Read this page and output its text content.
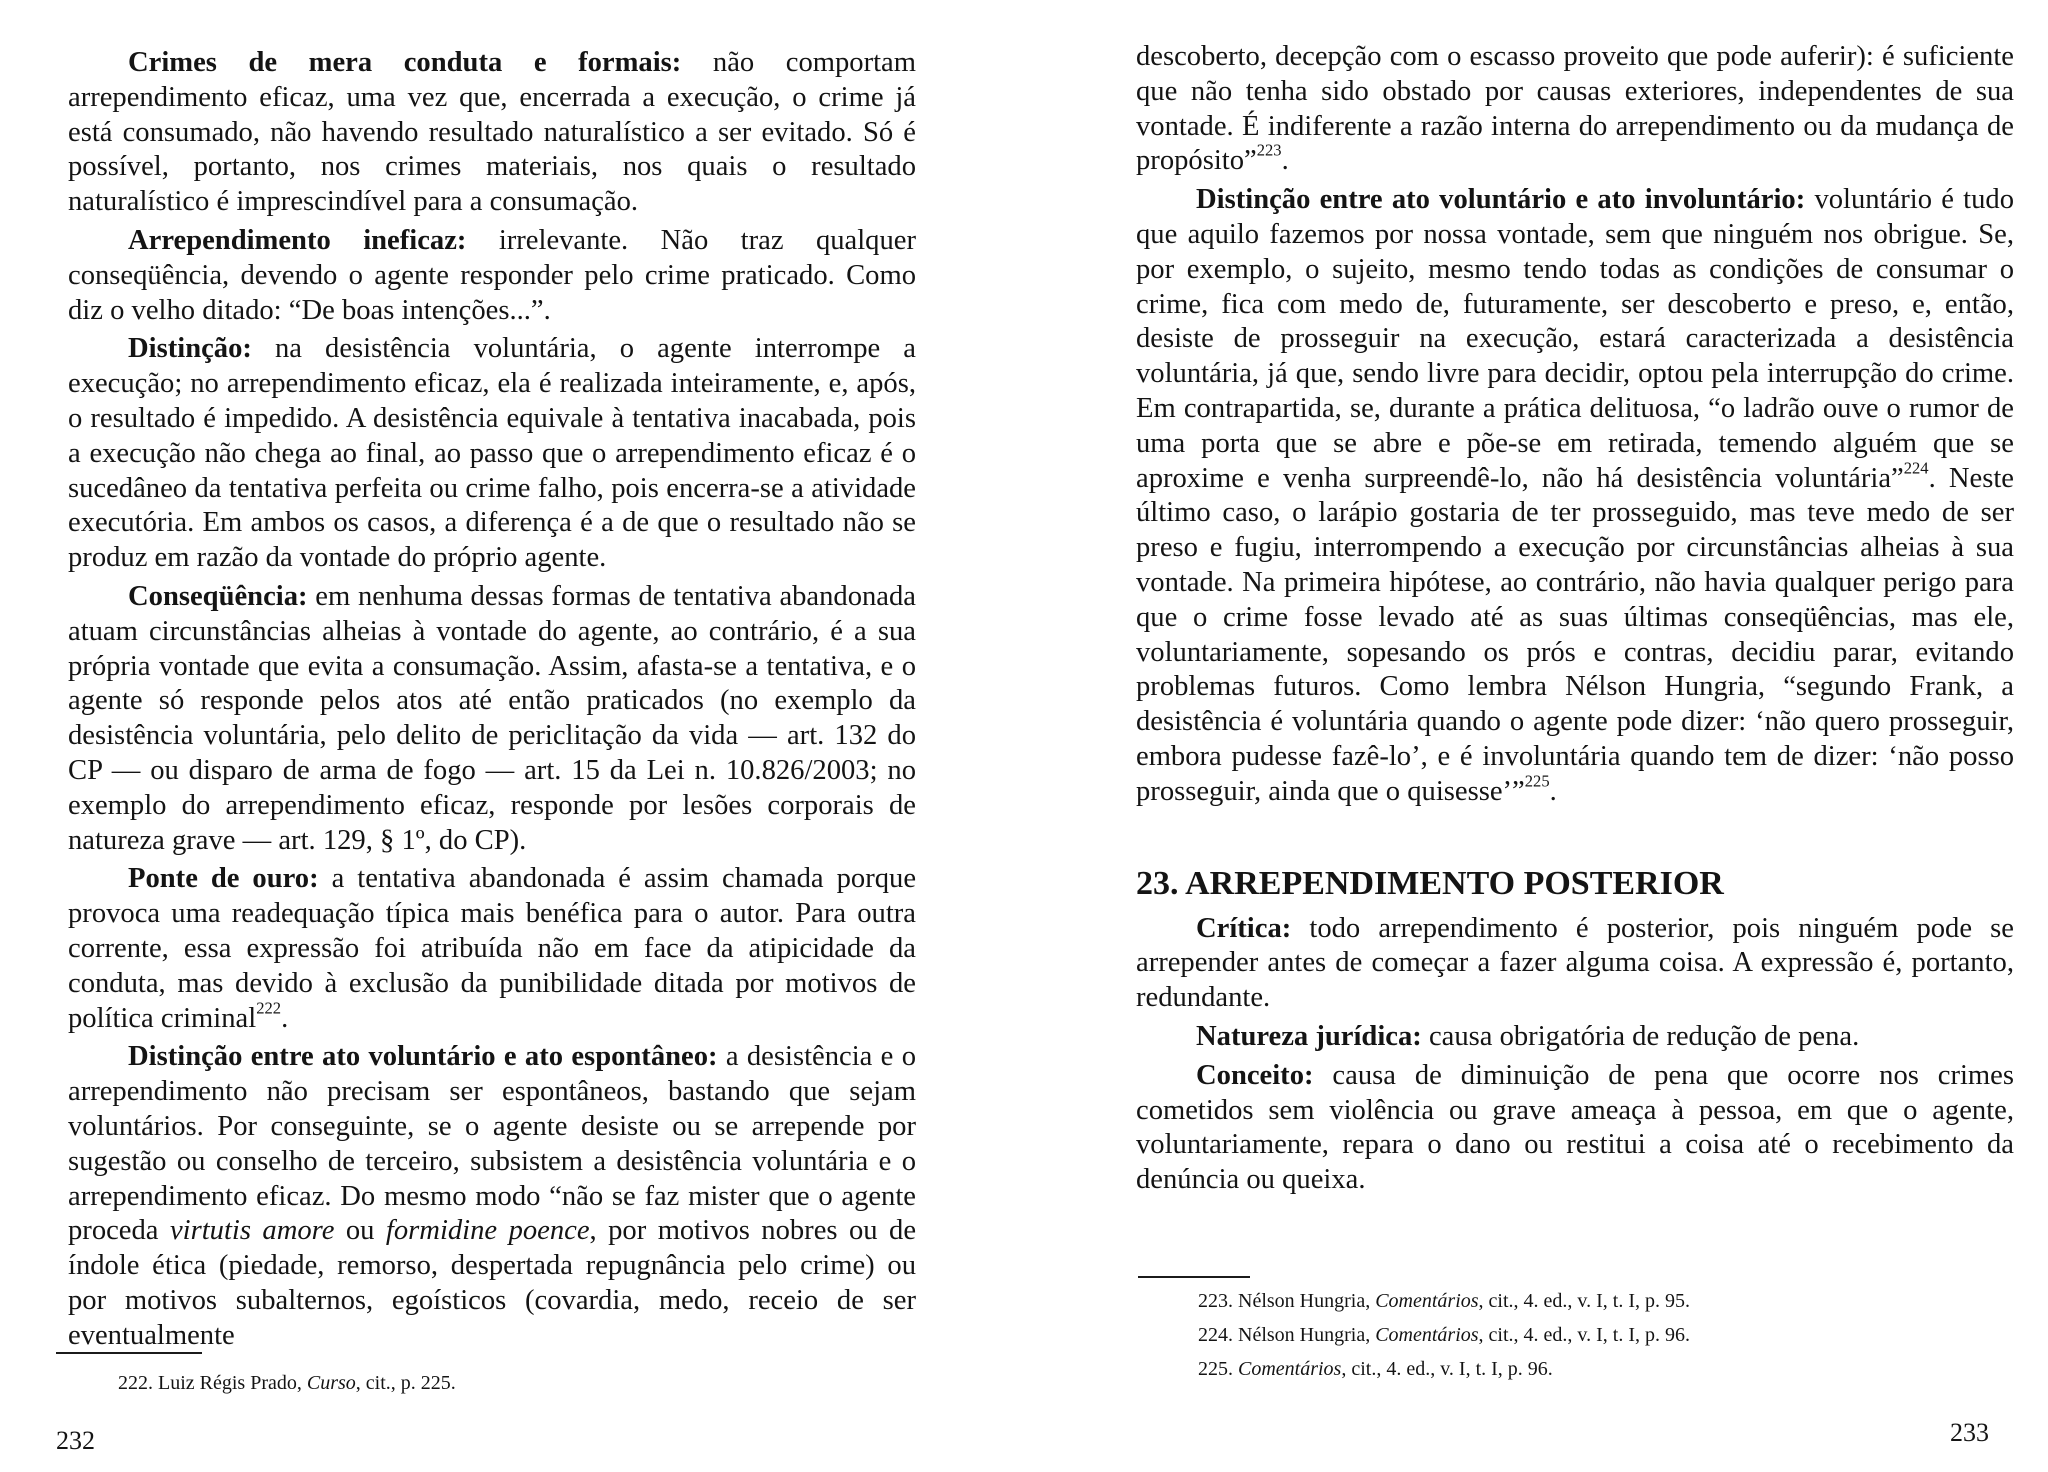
Crimes de mera conduta e formais: não comportam arrependimento eficaz, uma vez que, encerrada a execução, o crime já está consumado, não havendo resultado naturalístico a ser evitado. Só é possível, portanto, nos crimes materiais, nos quais o resultado naturalístico é imprescindível para a consumação.

Arrependimento ineficaz: irrelevante. Não traz qualquer conseqüência, devendo o agente responder pelo crime praticado. Como diz o velho ditado: “De boas intenções...”.

Distinção: na desistência voluntária, o agente interrompe a execução; no arrependimento eficaz, ela é realizada inteiramente, e, após, o resultado é impedido. A desistência equivale à tentativa inacabada, pois a execução não chega ao final, ao passo que o arrependimento eficaz é o sucedâneo da tentativa perfeita ou crime falho, pois encerra-se a atividade executória. Em ambos os casos, a diferença é a de que o resultado não se produz em razão da vontade do próprio agente.

Conseqüência: em nenhuma dessas formas de tentativa abandonada atuam circunstâncias alheias à vontade do agente, ao contrário, é a sua própria vontade que evita a consumação. Assim, afasta-se a tentativa, e o agente só responde pelos atos até então praticados (no exemplo da desistência voluntária, pelo delito de periclitação da vida — art. 132 do CP — ou disparo de arma de fogo — art. 15 da Lei n. 10.826/2003; no exemplo do arrependimento eficaz, responde por lesões corporais de natureza grave — art. 129, § 1º, do CP).

Ponte de ouro: a tentativa abandonada é assim chamada porque provoca uma readequação típica mais benéfica para o autor. Para outra corrente, essa expressão foi atribuída não em face da atipicidade da conduta, mas devido à exclusão da punibilidade ditada por motivos de política criminal$^{222}$.

Distinção entre ato voluntário e ato espontâneo: a desistência e o arrependimento não precisam ser espontâneos, bastando que sejam voluntários. Por conseguinte, se o agente desiste ou se arrepende por sugestão ou conselho de terceiro, subsistem a desistência voluntária e o arrependimento eficaz. Do mesmo modo “não se faz mister que o agente proceda virtutis amore ou formidine poence, por motivos nobres ou de índole ética (piedade, remorso, despertada repugnância pelo crime) ou por motivos subalternos, egoísticos (covardia, medo, receio de ser eventualmente

222. Luiz Régis Prado, Curso, cit., p. 225.
232

descoberto, decepção com o escasso proveito que pode auferir): é suficiente que não tenha sido obstado por causas exteriores, independentes de sua vontade. É indiferente a razão interna do arrependimento ou da mudança de propósito”$^{223}$.

Distinção entre ato voluntário e ato involuntário: voluntário é tudo que aquilo fazemos por nossa vontade, sem que ninguém nos obrigue. Se, por exemplo, o sujeito, mesmo tendo todas as condições de consumar o crime, fica com medo de, futuramente, ser descoberto e preso, e, então, desiste de prosseguir na execução, estará caracterizada a desistência voluntária, já que, sendo livre para decidir, optou pela interrupção do crime. Em contrapartida, se, durante a prática delituosa, “o ladrão ouve o rumor de uma porta que se abre e põe-se em retirada, temendo alguém que se aproxime e venha surpreendê-lo, não há desistência voluntária”$^{224}$. Neste último caso, o larápio gostaria de ter prosseguido, mas teve medo de ser preso e fugiu, interrompendo a execução por circunstâncias alheias à sua vontade. Na primeira hipótese, ao contrário, não havia qualquer perigo para que o crime fosse levado até as suas últimas conseqüências, mas ele, voluntariamente, sopesando os prós e contras, decidiu parar, evitando problemas futuros. Como lembra Nélson Hungria, “segundo Frank, a desistência é voluntária quando o agente pode dizer: ‘não quero prosseguir, embora pudesse fazê-lo’, e é involuntária quando tem de dizer: ‘não posso prosseguir, ainda que o quisesse’”$^{225}$.

23. ARREPENDIMENTO POSTERIOR

Crítica: todo arrependimento é posterior, pois ninguém pode se arrepender antes de começar a fazer alguma coisa. A expressão é, portanto, redundante.

Natureza jurídica: causa obrigatória de redução de pena.

Conceito: causa de diminuição de pena que ocorre nos crimes cometidos sem violência ou grave ameaça à pessoa, em que o agente, voluntariamente, repara o dano ou restitui a coisa até o recebimento da denúncia ou queixa.

223. Nélson Hungria, Comentários, cit., 4. ed., v. I, t. I, p. 95.
224. Nélson Hungria, Comentários, cit., 4. ed., v. I, t. I, p. 96.
225. Comentários, cit., 4. ed., v. I, t. I, p. 96.
233
